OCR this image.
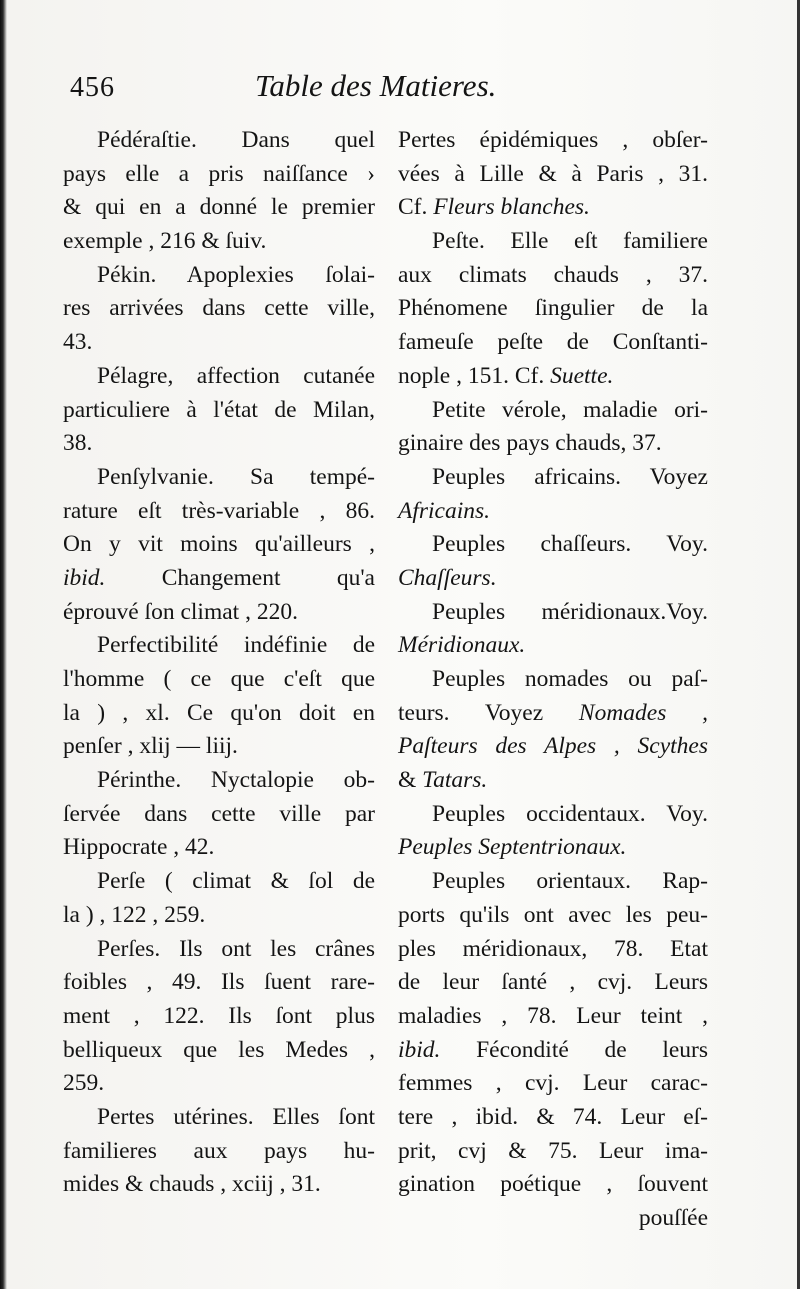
456	Table des Matieres.
Pédéraſtie. Dans quel
pays elle a pris naiſſance ›
& qui en a donné le premier
exemple , 216 & ſuiv.
Pékin. Apoplexies ſolai-
res arrivées dans cette ville,
43.
Pélagre, affection cutanée
particuliere à l'état de Milan,
38.
Penſylvanie. Sa tempé-
rature eſt très-variable , 86.
On y vit moins qu'ailleurs ,
ibid. Changement qu'a
éprouvé ſon climat , 220.
Perfectibilité indéfinie de
l'homme ( ce que c'eſt que
la ) , xl. Ce qu'on doit en
penſer , xlij — liij.
Périnthe. Nyctalopie ob-
ſervée dans cette ville par
Hippocrate , 42.
Perſe ( climat & ſol de
la ) , 122 , 259.
Perſes. Ils ont les crânes
foibles , 49. Ils ſuent rare-
ment , 122. Ils ſont plus
belliqueux que les Medes ,
259.
Pertes utérines. Elles ſont
familieres aux pays hu-
mides & chauds , xciij , 31.
Pertes épidémiques , obſer-
vées à Lille & à Paris , 31.
Cf. Fleurs blanches.
Peſte. Elle eſt familiere
aux climats chauds , 37.
Phénomene ſingulier de la
fameuſe peſte de Conſtanti-
nople , 151. Cf. Suette.
Petite vérole, maladie ori-
ginaire des pays chauds, 37.
Peuples africains. Voyez
Africains.
Peuples chaſſeurs. Voy.
Chaſſeurs.
Peuples méridionaux.Voy.
Méridionaux.
Peuples nomades ou paſ-
teurs. Voyez Nomades ,
Paſteurs des Alpes , Scythes
& Tatars.
Peuples occidentaux. Voy.
Peuples Septentrionaux.
Peuples orientaux. Rap-
ports qu'ils ont avec les peu-
ples méridionaux, 78. Etat
de leur ſanté , cvj. Leurs
maladies , 78. Leur teint ,
ibid. Fécondité de leurs
femmes , cvj. Leur carac-
tere , ibid. & 74. Leur eſ-
prit, cvj & 75. Leur ima-
gination poétique , ſouvent
pouſſée
